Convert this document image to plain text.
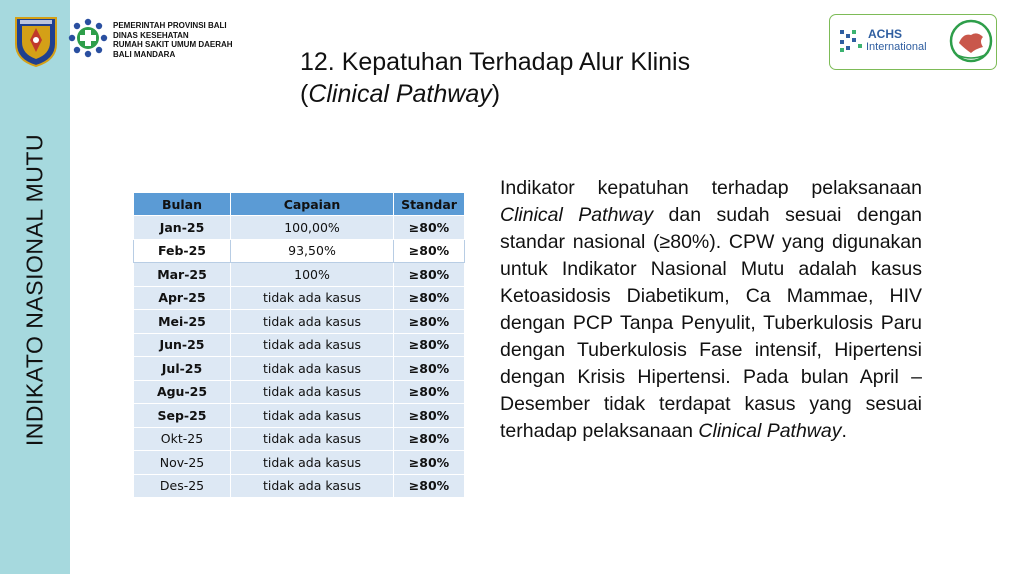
INDIKATO NASIONAL MUTU
PEMERINTAH PROVINSI BALI
DINAS KESEHATAN
RUMAH SAKIT UMUM DAERAH
BALI MANDARA
ACHS
International
12. Kepatuhan Terhadap Alur Klinis
(Clinical Pathway)
Bulan	Capaian	Standar
Jan-25	100,00%	≥80%
Feb-25	93,50%	≥80%
Mar-25	100%	≥80%
Apr-25	tidak ada kasus	≥80%
Mei-25	tidak ada kasus	≥80%
Jun-25	tidak ada kasus	≥80%
Jul-25	tidak ada kasus	≥80%
Agu-25	tidak ada kasus	≥80%
Sep-25	tidak ada kasus	≥80%
Okt-25	tidak ada kasus	≥80%
Nov-25	tidak ada kasus	≥80%
Des-25	tidak ada kasus	≥80%
Indikator kepatuhan terhadap pelaksanaan Clinical Pathway dan sudah sesuai dengan standar nasional (≥80%). CPW yang digunakan untuk Indikator Nasional Mutu adalah kasus Ketoasidosis Diabetikum, Ca Mammae, HIV dengan PCP Tanpa Penyulit, Tuberkulosis Paru dengan Tuberkulosis Fase intensif, Hipertensi dengan Krisis Hipertensi. Pada bulan April – Desember tidak terdapat kasus yang sesuai terhadap pelaksanaan Clinical Pathway.
